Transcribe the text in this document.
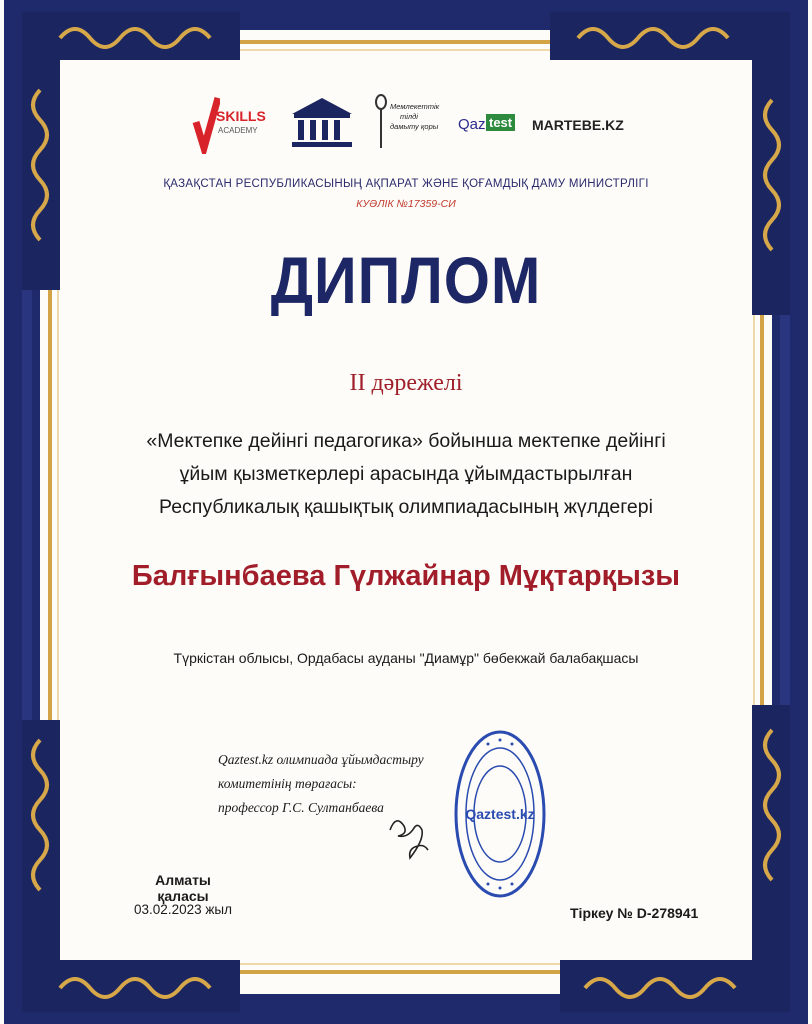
SKILLS
ACADEMY
Мемлекеттік
тілді
дамыту қоры Qaz test MARTEBE.KZ
ҚАЗАҚСТАН РЕСПУБЛИКАСЫНЫҢ АҚПАРАТ ЖӘНЕ ҚОҒАМДЫҚ ДАМУ МИНИСТРЛІГІ
КУӘЛІК №17359-СИ
ДИПЛОМ
II дәрежелі
«Мектепке дейінгі педагогика» бойынша мектепке дейінгі
ұйым қызметкерлері арасында ұйымдастырылған
Республикалық қашықтық олимпиадасының жүлдегері
Балғынбаева Гүлжайнар Мұқтарқызы
Түркістан облысы, Ордабасы ауданы "Диамұр" бөбекжай балабақшасы
Qaztest.kz олимпиада ұйымдастыру
комитетінің төрағасы:
профессор Г.С. Султанбаева	Qaztest.kz
Алматы қаласы
03.02.2023 жыл	Тіркеу № D-278941
